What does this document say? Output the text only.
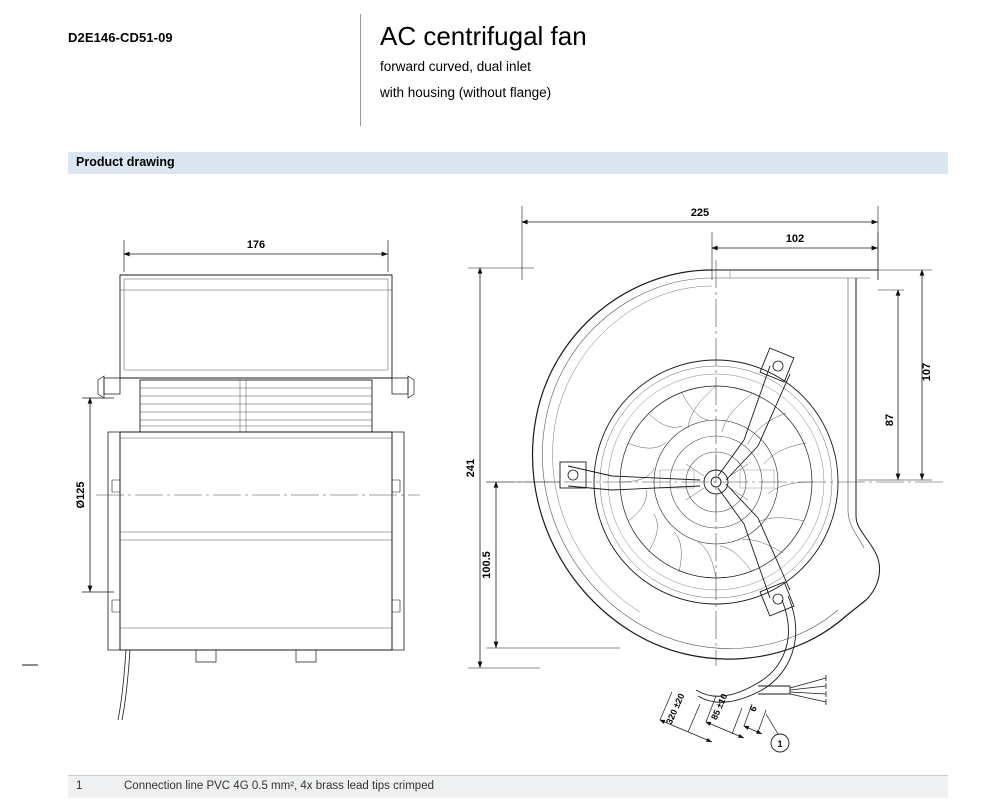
D2E146-CD51-09	AC centrifugal fan
forward curved, dual inlet
with housing (without flange)
Product drawing
225
102
176
Ø125
241
100.5
107
87
320 ±20	85 ±10 6
1
1	Connection line PVC 4G 0.5 mm², 4x brass lead tips crimped
